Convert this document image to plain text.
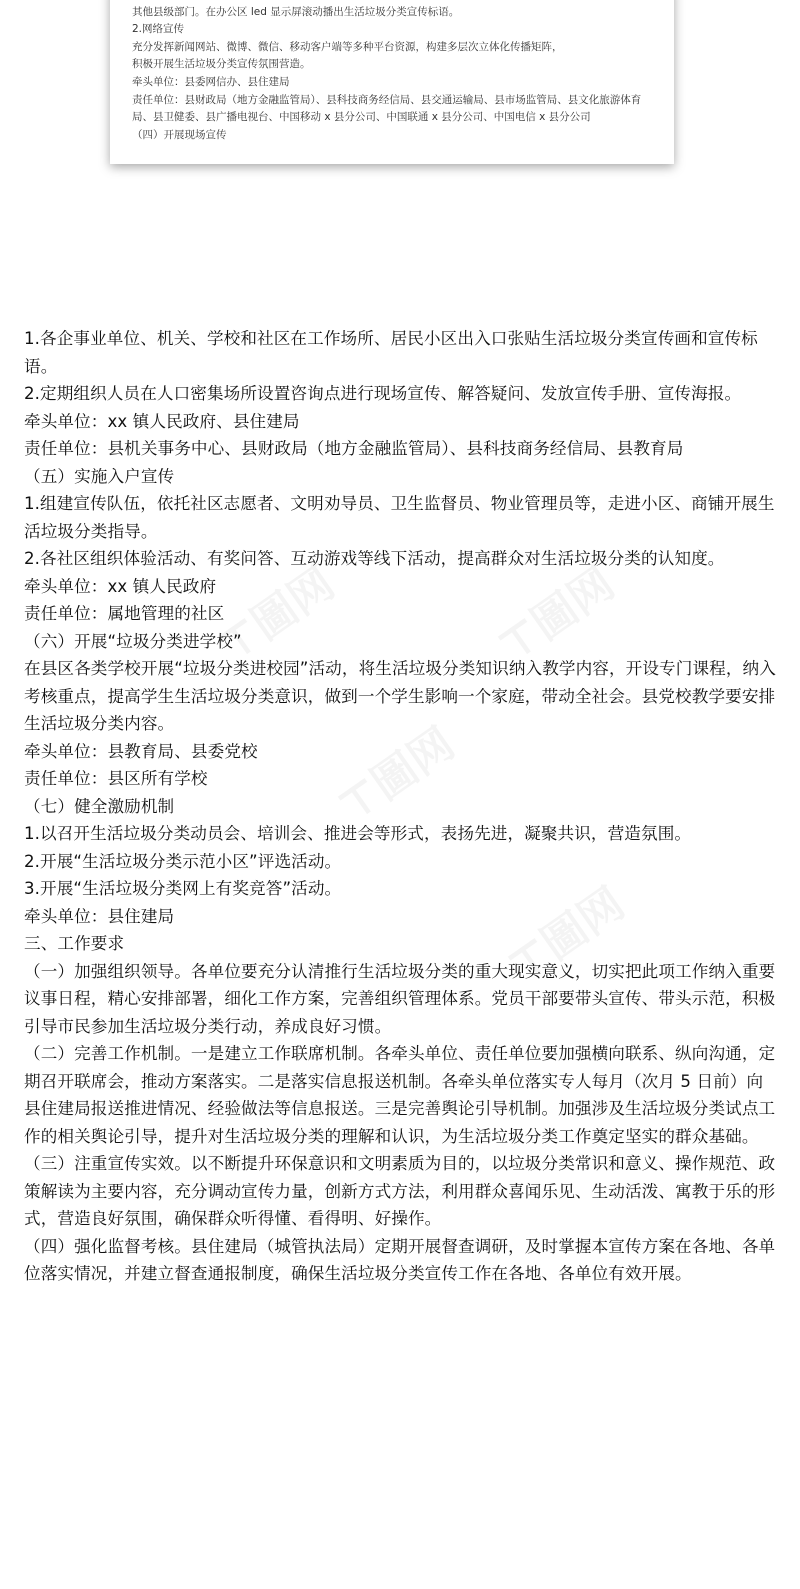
其他县级部门。在办公区 led 显示屏滚动播出生活垃圾分类宣传标语。
2.网络宣传
充分发挥新闻网站、微博、微信、移动客户端等多种平台资源，构建多层次立体化传播矩阵，
积极开展生活垃圾分类宣传氛围营造。
牵头单位：县委网信办、县住建局
责任单位：县财政局（地方金融监管局）、县科技商务经信局、县交通运输局、县市场监管局、县文化旅游体育局、县卫健委、县广播电视台、中国移动 x 县分公司、中国联通 x 县分公司、中国电信 x 县分公司
（四）开展现场宣传

1.各企事业单位、机关、学校和社区在工作场所、居民小区出入口张贴生活垃圾分类宣传画和宣传标语。

2.定期组织人员在人口密集场所设置咨询点进行现场宣传、解答疑问、发放宣传手册、宣传海报。

牵头单位：xx 镇人民政府、县住建局

责任单位：县机关事务中心、县财政局（地方金融监管局）、县科技商务经信局、县教育局

（五）实施入户宣传

1.组建宣传队伍，依托社区志愿者、文明劝导员、卫生监督员、物业管理员等，走进小区、商铺开展生活垃圾分类指导。

2.各社区组织体验活动、有奖问答、互动游戏等线下活动，提高群众对生活垃圾分类的认知度。

牵头单位：xx 镇人民政府

责任单位：属地管理的社区

（六）开展“垃圾分类进学校”

在县区各类学校开展“垃圾分类进校园”活动，将生活垃圾分类知识纳入教学内容，开设专门课程，纳入考核重点，提高学生生活垃圾分类意识，做到一个学生影响一个家庭，带动全社会。县党校教学要安排生活垃圾分类内容。

牵头单位：县教育局、县委党校

责任单位：县区所有学校

（七）健全激励机制

1.以召开生活垃圾分类动员会、培训会、推进会等形式，表扬先进，凝聚共识，营造氛围。

2.开展“生活垃圾分类示范小区”评选活动。

3.开展“生活垃圾分类网上有奖竞答”活动。

牵头单位：县住建局

三、工作要求

（一）加强组织领导。各单位要充分认清推行生活垃圾分类的重大现实意义，切实把此项工作纳入重要议事日程，精心安排部署，细化工作方案，完善组织管理体系。党员干部要带头宣传、带头示范，积极引导市民参加生活垃圾分类行动，养成良好习惯。

（二）完善工作机制。一是建立工作联席机制。各牵头单位、责任单位要加强横向联系、纵向沟通，定期召开联席会，推动方案落实。二是落实信息报送机制。各牵头单位落实专人每月（次月 5 日前）向县住建局报送推进情况、经验做法等信息报送。三是完善舆论引导机制。加强涉及生活垃圾分类试点工作的相关舆论引导，提升对生活垃圾分类的理解和认识，为生活垃圾分类工作奠定坚实的群众基础。

（三）注重宣传实效。以不断提升环保意识和文明素质为目的，以垃圾分类常识和意义、操作规范、政策解读为主要内容，充分调动宣传力量，创新方式方法，利用群众喜闻乐见、生动活泼、寓教于乐的形式，营造良好氛围，确保群众听得懂、看得明、好操作。

（四）强化监督考核。县住建局（城管执法局）定期开展督查调研，及时掌握本宣传方案在各地、各单位落实情况，并建立督查通报制度，确保生活垃圾分类宣传工作在各地、各单位有效开展。
